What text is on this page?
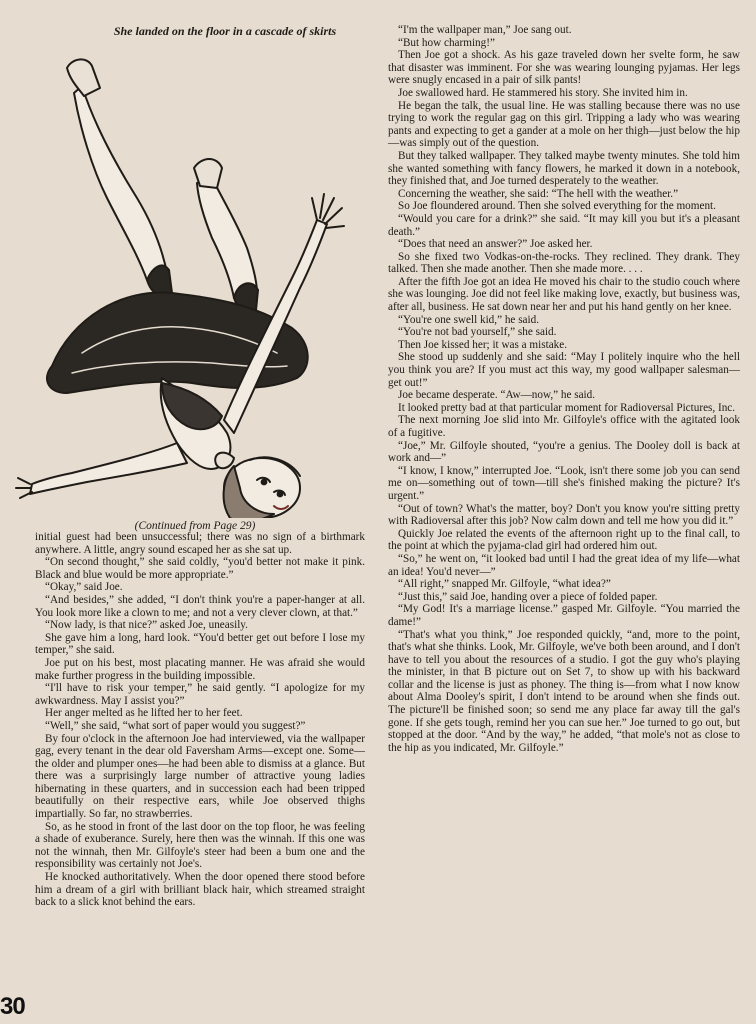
She landed on the floor in a cascade of skirts
(Continued from Page 29)

initial guest had been unsuccessful; there was no sign of a birthmark anywhere. A little, angry sound escaped her as she sat up.

“On second thought,” she said coldly, “you'd better not make it pink. Black and blue would be more appropriate.”

“Okay,” said Joe.

“And besides,” she added, “I don't think you're a paper-hanger at all. You look more like a clown to me; and not a very clever clown, at that.”

“Now lady, is that nice?” asked Joe, uneasily.

She gave him a long, hard look. “You'd better get out before I lose my temper,” she said.

Joe put on his best, most placating manner. He was afraid she would make further progress in the building impossible.

“I'll have to risk your temper,” he said gently. “I apologize for my awkwardness. May I assist you?”

Her anger melted as he lifted her to her feet.

“Well,” she said, “what sort of paper would you suggest?”

By four o'clock in the afternoon Joe had interviewed, via the wallpaper gag, every tenant in the dear old Faversham Arms—except one. Some—the older and plumper ones—he had been able to dismiss at a glance. But there was a surprisingly large number of attractive young ladies hibernating in these quarters, and in succession each had been tripped beautifully on their respective ears, while Joe observed thighs impartially. So far, no strawberries.

So, as he stood in front of the last door on the top floor, he was feeling a shade of exuberance. Surely, here then was the winnah. If this one was not the winnah, then Mr. Gilfoyle's steer had been a bum one and the responsibility was certainly not Joe's.

He knocked authoritatively. When the door opened there stood before him a dream of a girl with brilliant black hair, which streamed straight back to a slick knot behind the ears.

“I'm the wallpaper man,” Joe sang out.

“But how charming!”

Then Joe got a shock. As his gaze traveled down her svelte form, he saw that disaster was imminent. For she was wearing lounging pyjamas. Her legs were snugly encased in a pair of silk pants!

Joe swallowed hard. He stammered his story. She invited him in.

He began the talk, the usual line. He was stalling because there was no use trying to work the regular gag on this girl. Tripping a lady who was wearing pants and expecting to get a gander at a mole on her thigh—just below the hip—was simply out of the question.

But they talked wallpaper. They talked maybe twenty minutes. She told him she wanted something with fancy flowers, he marked it down in a notebook, they finished that, and Joe turned desperately to the weather.

Concerning the weather, she said: “The hell with the weather.”

So Joe floundered around. Then she solved everything for the moment.

“Would you care for a drink?” she said. “It may kill you but it's a pleasant death.”

“Does that need an answer?” Joe asked her.

So she fixed two Vodkas-on-the-rocks. They reclined. They drank. They talked. Then she made another. Then she made more. . . .

After the fifth Joe got an idea He moved his chair to the studio couch where she was lounging. Joe did not feel like making love, exactly, but business was, after all, business. He sat down near her and put his hand gently on her knee.

“You're one swell kid,” he said.

“You're not bad yourself,” she said.

Then Joe kissed her; it was a mistake.

She stood up suddenly and she said: “May I politely inquire who the hell you think you are? If you must act this way, my good wallpaper salesman—get out!”

Joe became desperate. “Aw—now,” he said.

It looked pretty bad at that particular moment for Radioversal Pictures, Inc.

The next morning Joe slid into Mr. Gilfoyle's office with the agitated look of a fugitive.

“Joe,” Mr. Gilfoyle shouted, “you're a genius. The Dooley doll is back at work and—”

“I know, I know,” interrupted Joe. “Look, isn't there some job you can send me on—something out of town—till she's finished making the picture? It's urgent.”

“Out of town? What's the matter, boy? Don't you know you're sitting pretty with Radioversal after this job? Now calm down and tell me how you did it.”

Quickly Joe related the events of the afternoon right up to the final call, to the point at which the pyjama-clad girl had ordered him out.

“So,” he went on, “it looked bad until I had the great idea of my life—what an idea! You'd never—”

“All right,” snapped Mr. Gilfoyle, “what idea?”

“Just this,” said Joe, handing over a piece of folded paper.

“My God! It's a marriage license.” gasped Mr. Gilfoyle. “You married the dame!”

“That's what you think,” Joe responded quickly, “and, more to the point, that's what she thinks. Look, Mr. Gilfoyle, we've both been around, and I don't have to tell you about the resources of a studio. I got the guy who's playing the minister, in that B picture out on Set 7, to show up with his backward collar and the license is just as phoney. The thing is—from what I now know about Alma Dooley's spirit, I don't intend to be around when she finds out. The picture'll be finished soon; so send me any place far away till the gal's gone. If she gets tough, remind her you can sue her.” Joe turned to go out, but stopped at the door. “And by the way,” he added, “that mole's not as close to the hip as you indicated, Mr. Gilfoyle.”

30
